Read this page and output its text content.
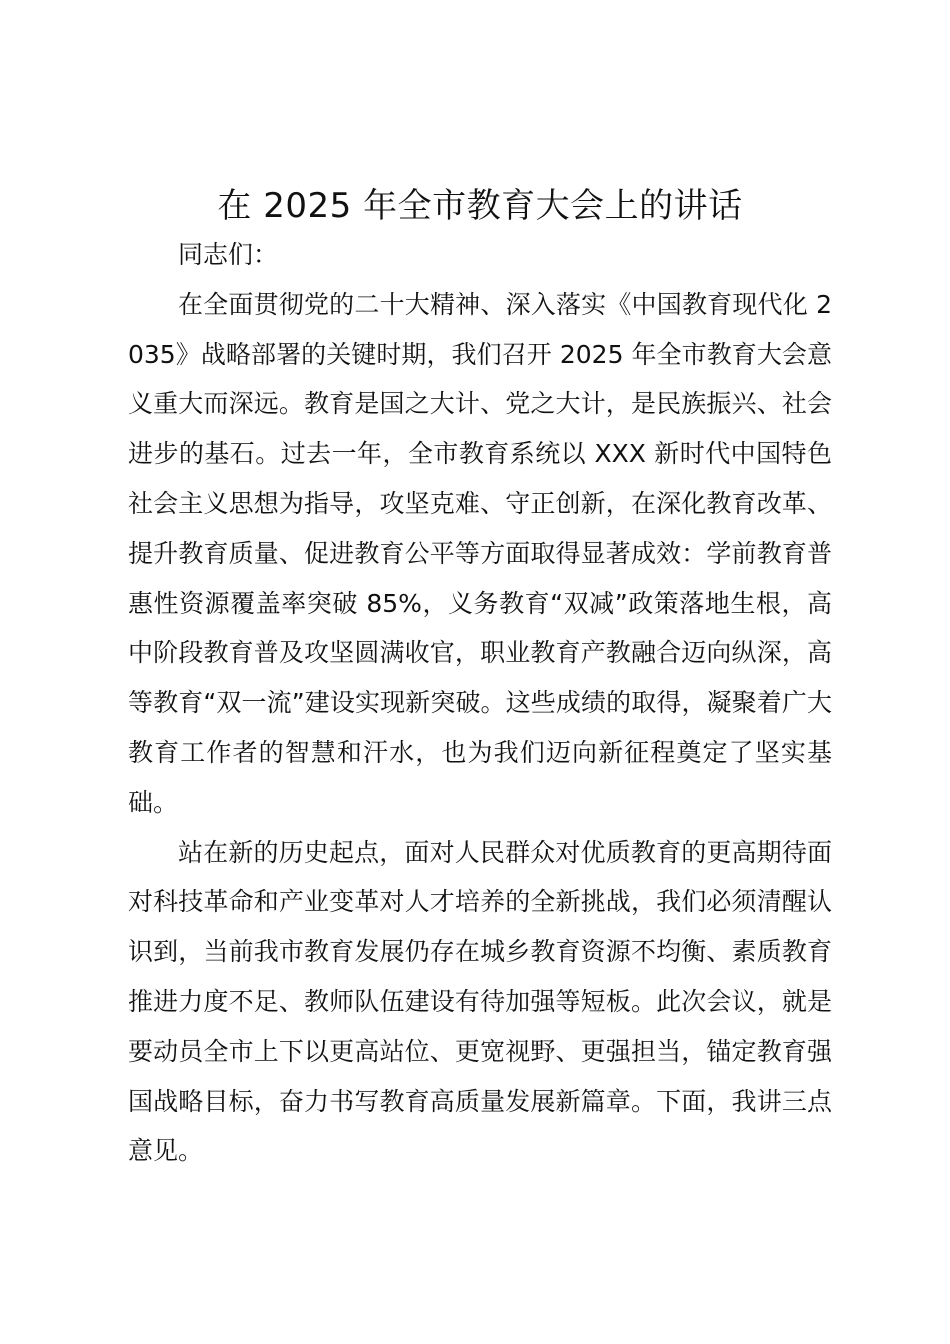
在 2025 年全市教育大会上的讲话

同志们：

在全面贯彻党的二十大精神、深入落实《中国教育现代化 2035》战略部署的关键时期，我们召开 2025 年全市教育大会意义重大而深远。教育是国之大计、党之大计，是民族振兴、社会进步的基石。过去一年，全市教育系统以 XXX 新时代中国特色社会主义思想为指导，攻坚克难、守正创新，在深化教育改革、提升教育质量、促进教育公平等方面取得显著成效：学前教育普惠性资源覆盖率突破 85%，义务教育“双减”政策落地生根，高中阶段教育普及攻坚圆满收官，职业教育产教融合迈向纵深，高等教育“双一流”建设实现新突破。这些成绩的取得，凝聚着广大教育工作者的智慧和汗水，也为我们迈向新征程奠定了坚实基础。

站在新的历史起点，面对人民群众对优质教育的更高期待面对科技革命和产业变革对人才培养的全新挑战，我们必须清醒认识到，当前我市教育发展仍存在城乡教育资源不均衡、素质教育推进力度不足、教师队伍建设有待加强等短板。此次会议，就是要动员全市上下以更高站位、更宽视野、更强担当，锚定教育强国战略目标，奋力书写教育高质量发展新篇章。下面，我讲三点意见。
